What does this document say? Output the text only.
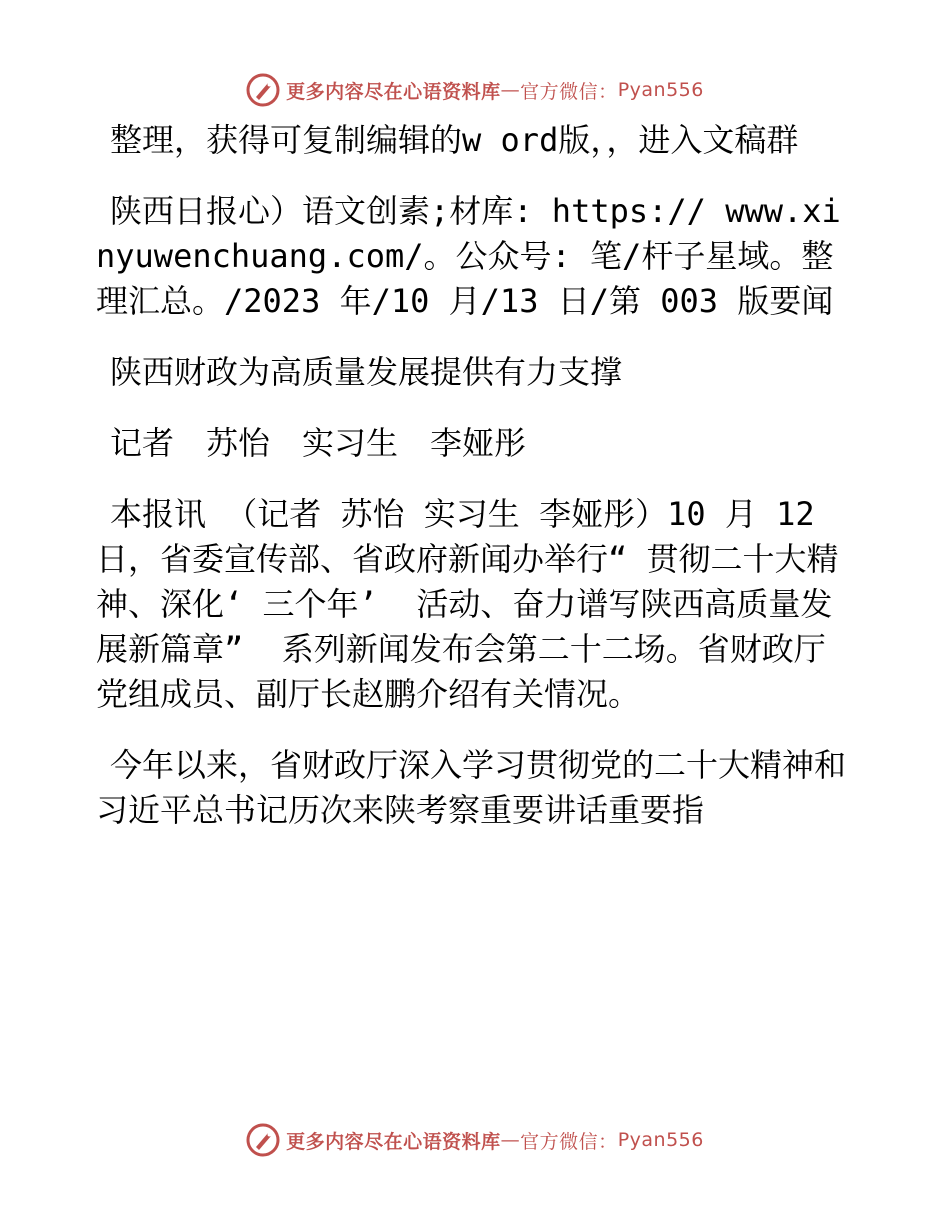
更多内容尽在心语资料库 — 官方微信： Pyan556

整理，获得可复制编辑的w ord版，，进入文稿群

陕西日报心）语文创素;材库: https:// www.xinyuwenchuang.com/。公众号: 笔/杆子星域。整理汇总。/2023 年/10 月/13 日/第 003 版要闻

陕西财政为高质量发展提供有力支撑

记者　苏怡　实习生　李娅彤

本报讯 （记者 苏怡 实习生 李娅彤）10 月 12 日，省委宣传部、省政府新闻办举行“ 贯彻二十大精神、深化‘ 三个年’  活动、奋力谱写陕西高质量发展新篇章”  系列新闻发布会第二十二场。省财政厅党组成员、副厅长赵鹏介绍有关情况。

今年以来，省财政厅深入学习贯彻党的二十大精神和习近平总书记历次来陕考察重要讲话重要指

更多内容尽在心语资料库 — 官方微信： Pyan556
